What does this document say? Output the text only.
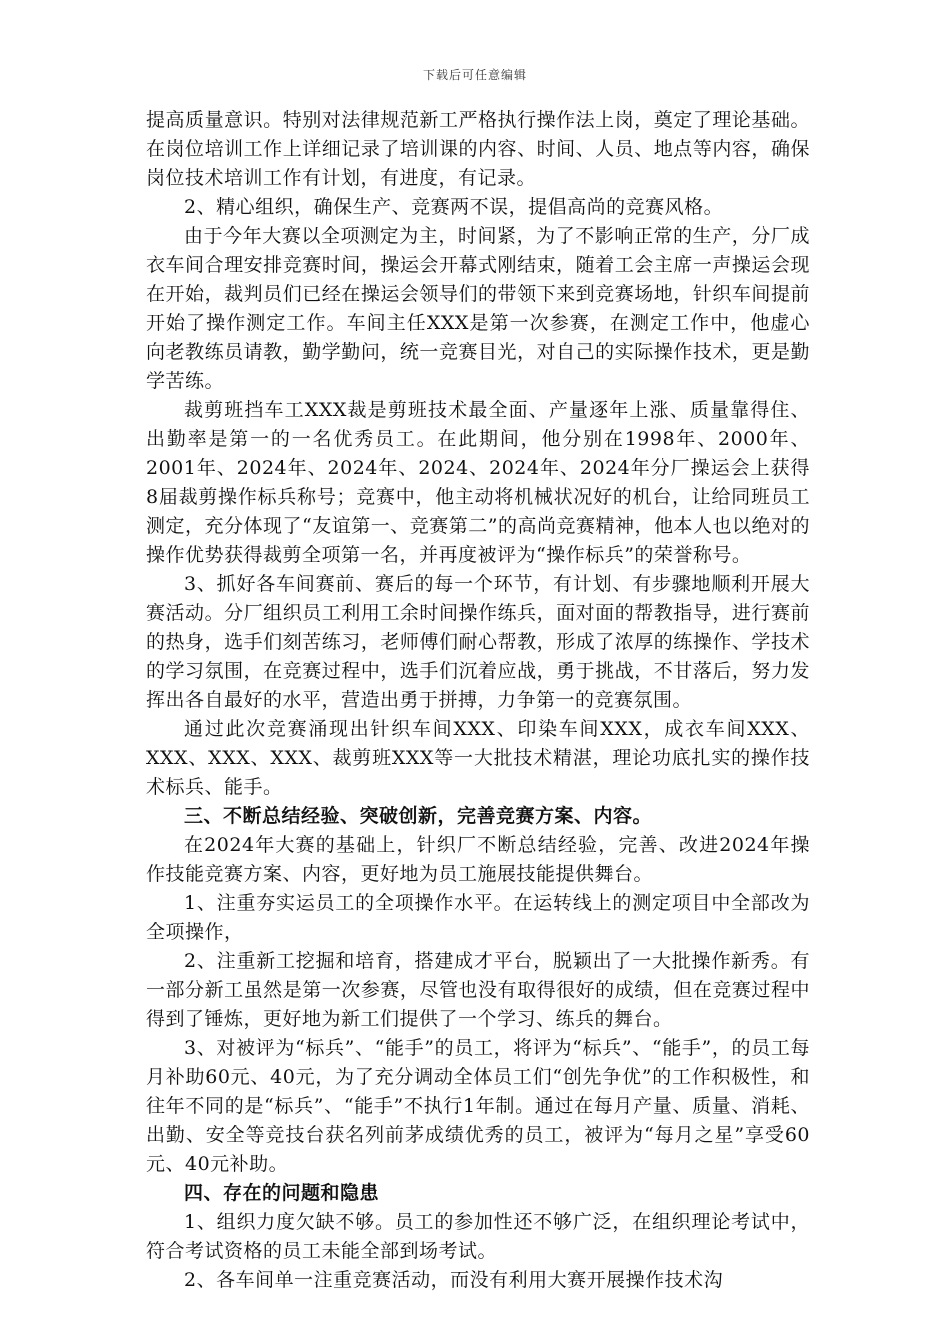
下载后可任意编辑

提高质量意识。特别对法律规范新工严格执行操作法上岗，奠定了理论基础。在岗位培训工作上详细记录了培训课的内容、时间、人员、地点等内容，确保岗位技术培训工作有计划，有进度，有记录。

2、精心组织，确保生产、竞赛两不误，提倡高尚的竞赛风格。

由于今年大赛以全项测定为主，时间紧，为了不影响正常的生产，分厂成衣车间合理安排竞赛时间，操运会开幕式刚结束，随着工会主席一声操运会现在开始，裁判员们已经在操运会领导们的带领下来到竞赛场地，针织车间提前开始了操作测定工作。车间主任XXX是第一次参赛，在测定工作中，他虚心向老教练员请教，勤学勤问，统一竞赛目光，对自己的实际操作技术，更是勤学苦练。

裁剪班挡车工XXX裁是剪班技术最全面、产量逐年上涨、质量靠得住、出勤率是第一的一名优秀员工。在此期间，他分别在1998年、2000年、2001年、2024年、2024年、2024、2024年、2024年分厂操运会上获得8届裁剪操作标兵称号；竞赛中，他主动将机械状况好的机台，让给同班员工测定，充分体现了“友谊第一、竞赛第二”的高尚竞赛精神，他本人也以绝对的操作优势获得裁剪全项第一名，并再度被评为“操作标兵”的荣誉称号。

3、抓好各车间赛前、赛后的每一个环节，有计划、有步骤地顺利开展大赛活动。分厂组织员工利用工余时间操作练兵，面对面的帮教指导，进行赛前的热身，选手们刻苦练习，老师傅们耐心帮教，形成了浓厚的练操作、学技术的学习氛围，在竞赛过程中，选手们沉着应战，勇于挑战，不甘落后，努力发挥出各自最好的水平，营造出勇于拼搏，力争第一的竞赛氛围。

通过此次竞赛涌现出针织车间XXX、印染车间XXX，成衣车间XXX、XXX、XXX、XXX、裁剪班XXX等一大批技术精湛，理论功底扎实的操作技术标兵、能手。

三、不断总结经验、突破创新，完善竞赛方案、内容。

在2024年大赛的基础上，针织厂不断总结经验，完善、改进2024年操作技能竞赛方案、内容，更好地为员工施展技能提供舞台。

1、注重夯实运员工的全项操作水平。在运转线上的测定项目中全部改为全项操作，

2、注重新工挖掘和培育，搭建成才平台，脱颖出了一大批操作新秀。有一部分新工虽然是第一次参赛，尽管也没有取得很好的成绩，但在竞赛过程中得到了锤炼，更好地为新工们提供了一个学习、练兵的舞台。

3、对被评为“标兵”、“能手”的员工，将评为“标兵”、“能手”，的员工每月补助60元、40元，为了充分调动全体员工们“创先争优”的工作积极性，和往年不同的是“标兵”、“能手”不执行1年制。通过在每月产量、质量、消耗、出勤、安全等竞技台获名列前茅成绩优秀的员工，被评为“每月之星”享受60元、40元补助。

四、存在的问题和隐患

1、组织力度欠缺不够。员工的参加性还不够广泛，在组织理论考试中，符合考试资格的员工未能全部到场考试。

2、各车间单一注重竞赛活动，而没有利用大赛开展操作技术沟
